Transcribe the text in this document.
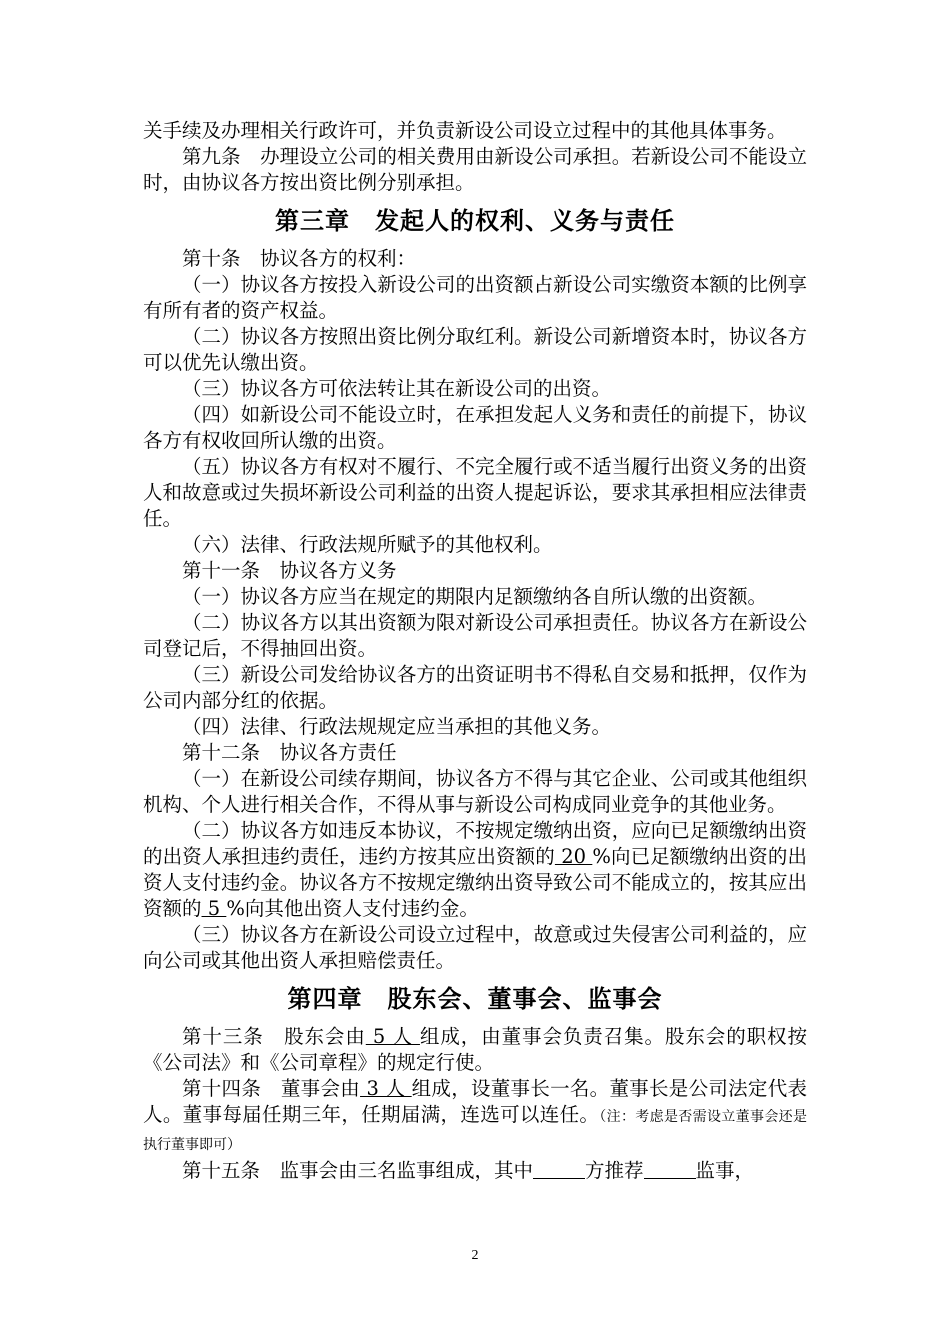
关手续及办理相关行政许可，并负责新设公司设立过程中的其他具体事务。

第九条　办理设立公司的相关费用由新设公司承担。若新设公司不能设立时，由协议各方按出资比例分别承担。

第三章　发起人的权利、义务与责任

第十条　协议各方的权利：

（一）协议各方按投入新设公司的出资额占新设公司实缴资本额的比例享有所有者的资产权益。

（二）协议各方按照出资比例分取红利。新设公司新增资本时，协议各方可以优先认缴出资。

（三）协议各方可依法转让其在新设公司的出资。

（四）如新设公司不能设立时，在承担发起人义务和责任的前提下，协议各方有权收回所认缴的出资。

（五）协议各方有权对不履行、不完全履行或不适当履行出资义务的出资人和故意或过失损坏新设公司利益的出资人提起诉讼，要求其承担相应法律责任。

（六）法律、行政法规所赋予的其他权利。

第十一条　协议各方义务

（一）协议各方应当在规定的期限内足额缴纳各自所认缴的出资额。

（二）协议各方以其出资额为限对新设公司承担责任。协议各方在新设公司登记后，不得抽回出资。

（三）新设公司发给协议各方的出资证明书不得私自交易和抵押，仅作为公司内部分红的依据。

（四）法律、行政法规规定应当承担的其他义务。

第十二条　协议各方责任

（一）在新设公司续存期间，协议各方不得与其它企业、公司或其他组织机构、个人进行相关合作，不得从事与新设公司构成同业竞争的其他业务。

（二）协议各方如违反本协议，不按规定缴纳出资，应向已足额缴纳出资的出资人承担违约责任，违约方按其应出资额的 20 %向已足额缴纳出资的出资人支付违约金。协议各方不按规定缴纳出资导致公司不能成立的，按其应出资额的 5 %向其他出资人支付违约金。

（三）协议各方在新设公司设立过程中，故意或过失侵害公司利益的，应向公司或其他出资人承担赔偿责任。

第四章　股东会、董事会、监事会

第十三条　股东会由 5 人 组成，由董事会负责召集。股东会的职权按《公司法》和《公司章程》的规定行使。

第十四条　董事会由 3 人 组成，设董事长一名。董事长是公司法定代表人。董事每届任期三年，任期届满，连选可以连任。（注：考虑是否需设立董事会还是执行董事即可）

第十五条　监事会由三名监事组成，其中	方推荐	监事，

2
